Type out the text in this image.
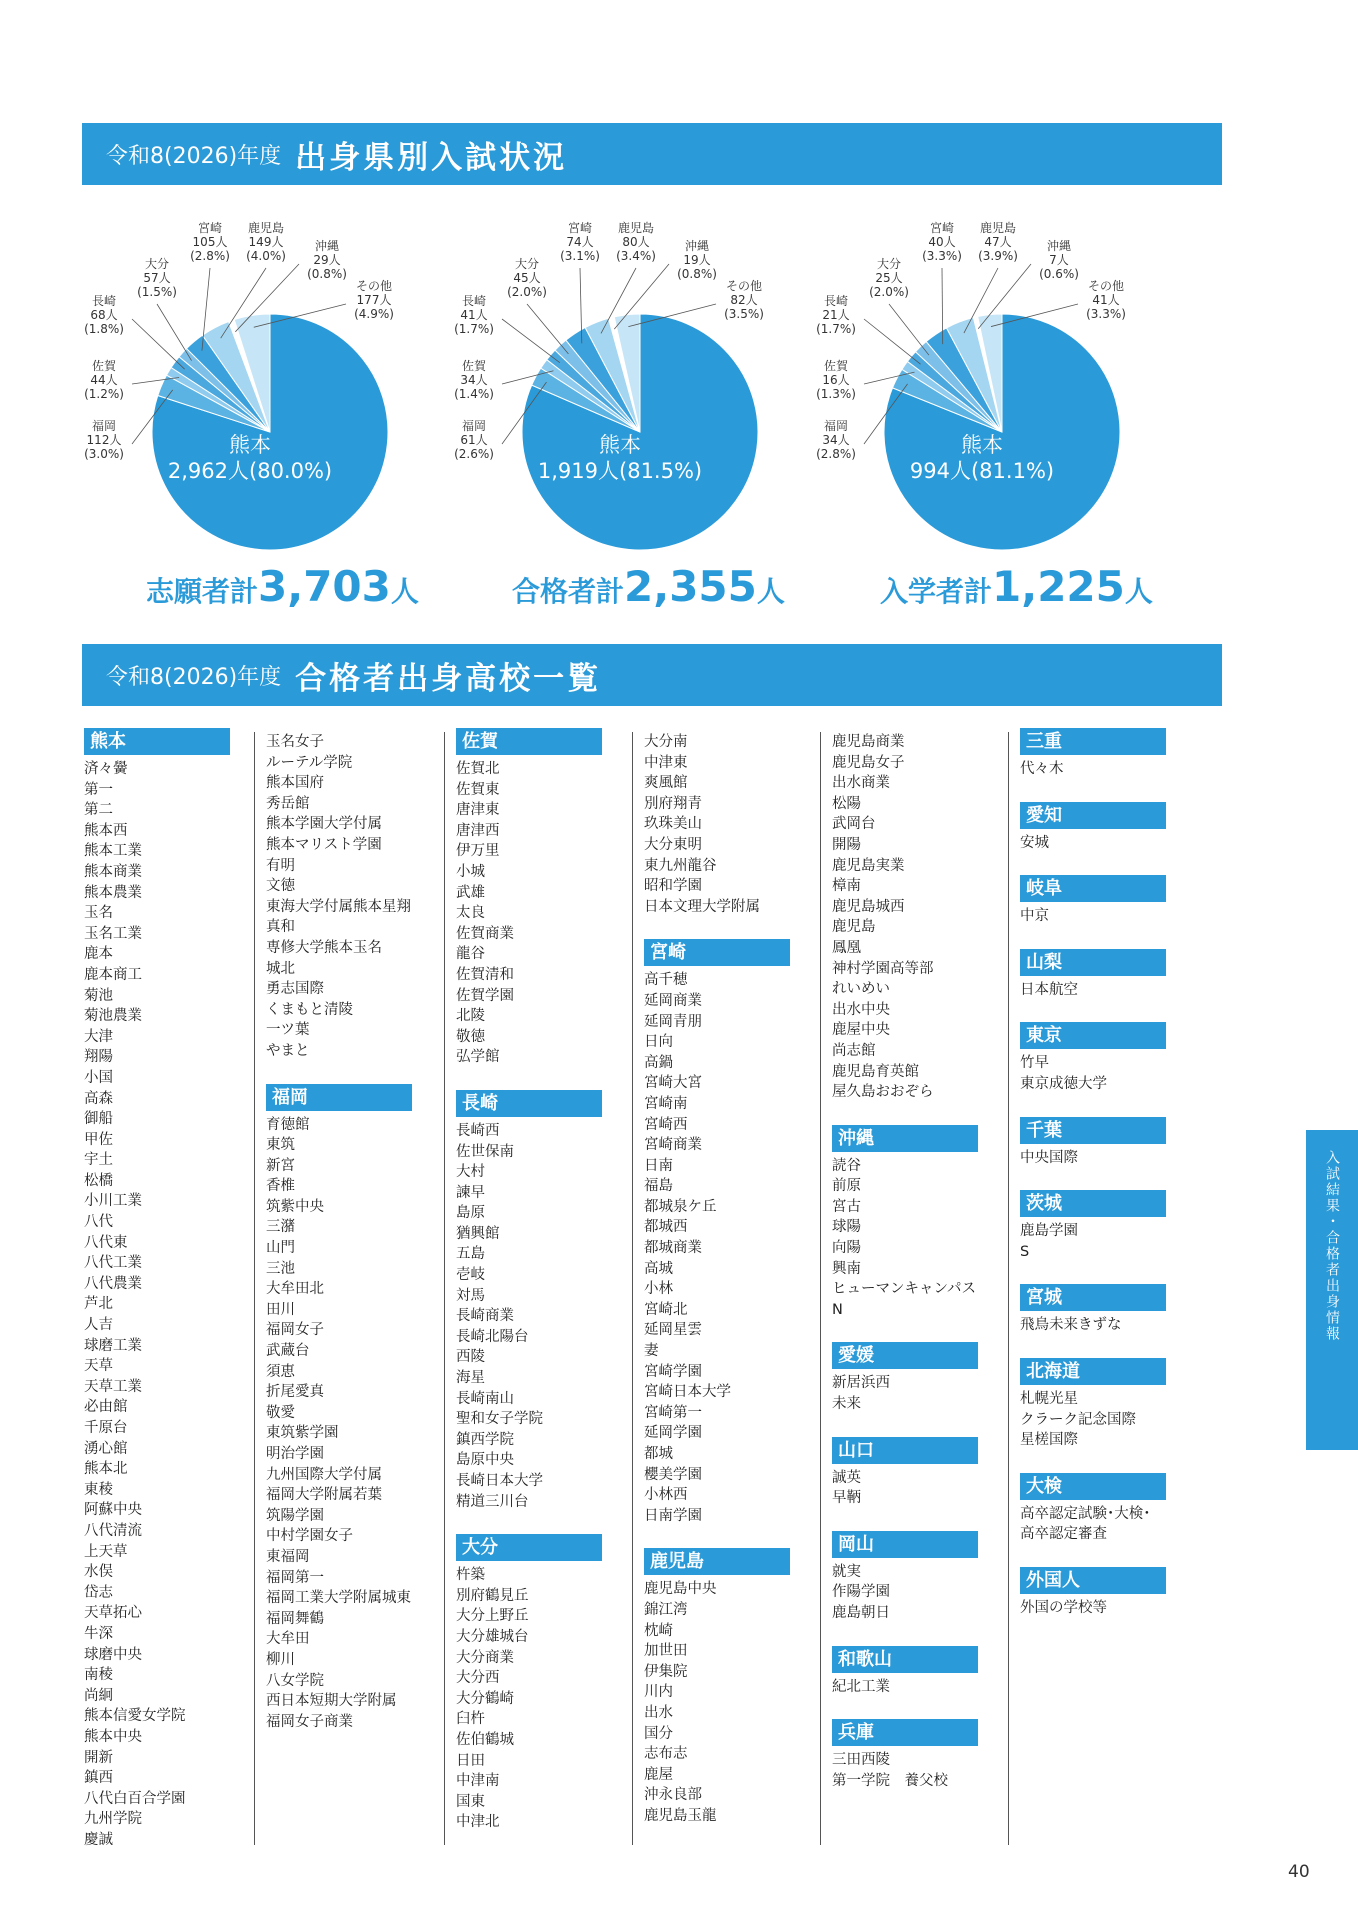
令和8(2026)年度 出身県別入試状況
熊本
2,962人(80.0%)
福岡
112人
(3.0%)
佐賀
44人
(1.2%)
長崎
68人
(1.8%)
大分
57人
(1.5%)
宮崎
105人
(2.8%)
鹿児島
149人
(4.0%)
沖縄
29人
(0.8%)
その他
177人
(4.9%)
熊本
1,919人(81.5%)
福岡
61人
(2.6%)
佐賀
34人
(1.4%)
長崎
41人
(1.7%)
大分
45人
(2.0%)
宮崎
74人
(3.1%)
鹿児島
80人
(3.4%)
沖縄
19人
(0.8%)
その他
82人
(3.5%)
熊本
994人(81.1%)
福岡
34人
(2.8%)
佐賀
16人
(1.3%)
長崎
21人
(1.7%)
大分
25人
(2.0%)
宮崎
40人
(3.3%)
鹿児島
47人
(3.9%)
沖縄
7人
(0.6%)
その他
41人
(3.3%)
志願者計3,703人	合格者計2,355人	入学者計1,225人
令和8(2026)年度 合格者出身高校一覧
熊本
済々黌
第一
第二
熊本西
熊本工業
熊本商業
熊本農業
玉名
玉名工業
鹿本
鹿本商工
菊池
菊池農業
大津
翔陽
小国
高森
御船
甲佐
宇土
松橋
小川工業
八代
八代東
八代工業
八代農業
芦北
人吉
球磨工業
天草
天草工業
必由館
千原台
湧心館
熊本北
東稜
阿蘇中央
八代清流
上天草
水俣
岱志
天草拓心
牛深
球磨中央
南稜
尚絅
熊本信愛女学院
熊本中央
開新
鎮西
八代白百合学園
九州学院
慶誠
玉名女子
ルーテル学院
熊本国府
秀岳館
熊本学園大学付属
熊本マリスト学園
有明
文徳
東海大学付属熊本星翔
真和
専修大学熊本玉名
城北
勇志国際
くまもと清陵
一ツ葉
やまと
福岡
育徳館
東筑
新宮
香椎
筑紫中央
三潴
山門
三池
大牟田北
田川
福岡女子
武蔵台
須恵
折尾愛真
敬愛
東筑紫学園
明治学園
九州国際大学付属
福岡大学附属若葉
筑陽学園
中村学園女子
東福岡
福岡第一
福岡工業大学附属城東
福岡舞鶴
大牟田
柳川
八女学院
西日本短期大学附属
福岡女子商業
佐賀
佐賀北
佐賀東
唐津東
唐津西
伊万里
小城
武雄
太良
佐賀商業
龍谷
佐賀清和
佐賀学園
北陵
敬徳
弘学館
長崎
長崎西
佐世保南
大村
諫早
島原
猶興館
五島
壱岐
対馬
長崎商業
長崎北陽台
西陵
海星
長崎南山
聖和女子学院
鎮西学院
島原中央
長崎日本大学
精道三川台
大分
杵築
別府鶴見丘
大分上野丘
大分雄城台
大分商業
大分西
大分鶴崎
臼杵
佐伯鶴城
日田
中津南
国東
中津北
大分南
中津東
爽風館
別府翔青
玖珠美山
大分東明
東九州龍谷
昭和学園
日本文理大学附属
宮崎
高千穂
延岡商業
延岡青朋
日向
高鍋
宮崎大宮
宮崎南
宮崎西
宮崎商業
日南
福島
都城泉ケ丘
都城西
都城商業
高城
小林
宮崎北
延岡星雲
妻
宮崎学園
宮崎日本大学
宮崎第一
延岡学園
都城
櫻美学園
小林西
日南学園
鹿児島
鹿児島中央
錦江湾
枕崎
加世田
伊集院
川内
出水
国分
志布志
鹿屋
沖永良部
鹿児島玉龍
鹿児島商業
鹿児島女子
出水商業
松陽
武岡台
開陽
鹿児島実業
樟南
鹿児島城西
鹿児島
鳳凰
神村学園高等部
れいめい
出水中央
鹿屋中央
尚志館
鹿児島育英館
屋久島おおぞら
沖縄
読谷
前原
宮古
球陽
向陽
興南
ヒューマンキャンパス
N
愛媛
新居浜西
未来
山口
誠英
早鞆
岡山
就実
作陽学園
鹿島朝日
和歌山
紀北工業
兵庫
三田西陵
第一学院　養父校
三重
代々木
愛知
安城
岐阜
中京
山梨
日本航空
東京
竹早
東京成徳大学
千葉
中央国際
茨城
鹿島学園
S
宮城
飛鳥未来きずな
北海道
札幌光星
クラーク記念国際
星槎国際
大検
高卒認定試験･大検･
高卒認定審査
外国人
外国の学校等
入試結果・合格者出身情報
40
